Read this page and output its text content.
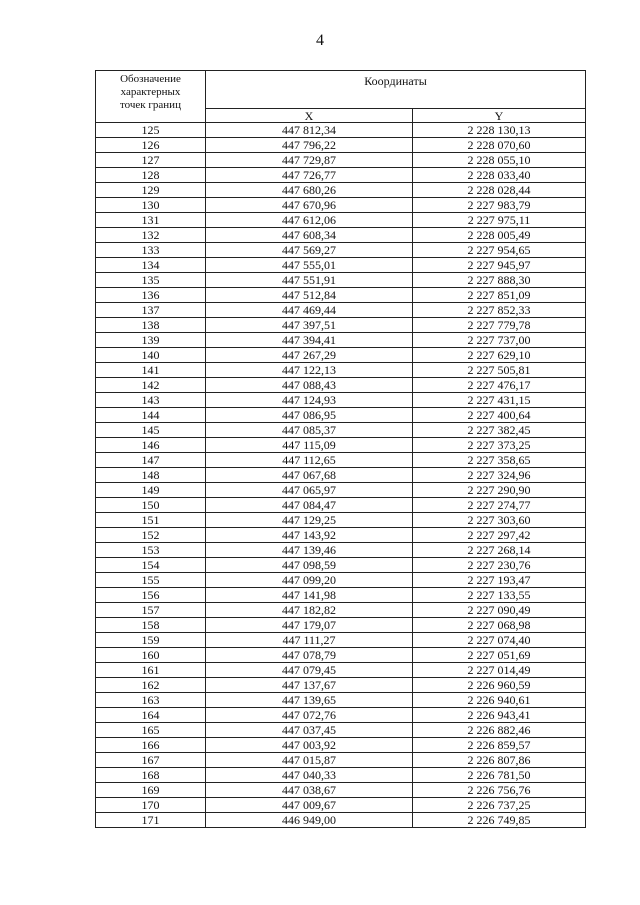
4
Обозначение
характерных
точек границ	Координаты	
	X	Y
125	447 812,34	2 228 130,13
126	447 796,22	2 228 070,60
127	447 729,87	2 228 055,10
128	447 726,77	2 228 033,40
129	447 680,26	2 228 028,44
130	447 670,96	2 227 983,79
131	447 612,06	2 227 975,11
132	447 608,34	2 228 005,49
133	447 569,27	2 227 954,65
134	447 555,01	2 227 945,97
135	447 551,91	2 227 888,30
136	447 512,84	2 227 851,09
137	447 469,44	2 227 852,33
138	447 397,51	2 227 779,78
139	447 394,41	2 227 737,00
140	447 267,29	2 227 629,10
141	447 122,13	2 227 505,81
142	447 088,43	2 227 476,17
143	447 124,93	2 227 431,15
144	447 086,95	2 227 400,64
145	447 085,37	2 227 382,45
146	447 115,09	2 227 373,25
147	447 112,65	2 227 358,65
148	447 067,68	2 227 324,96
149	447 065,97	2 227 290,90
150	447 084,47	2 227 274,77
151	447 129,25	2 227 303,60
152	447 143,92	2 227 297,42
153	447 139,46	2 227 268,14
154	447 098,59	2 227 230,76
155	447 099,20	2 227 193,47
156	447 141,98	2 227 133,55
157	447 182,82	2 227 090,49
158	447 179,07	2 227 068,98
159	447 111,27	2 227 074,40
160	447 078,79	2 227 051,69
161	447 079,45	2 227 014,49
162	447 137,67	2 226 960,59
163	447 139,65	2 226 940,61
164	447 072,76	2 226 943,41
165	447 037,45	2 226 882,46
166	447 003,92	2 226 859,57
167	447 015,87	2 226 807,86
168	447 040,33	2 226 781,50
169	447 038,67	2 226 756,76
170	447 009,67	2 226 737,25
171	446 949,00	2 226 749,85
